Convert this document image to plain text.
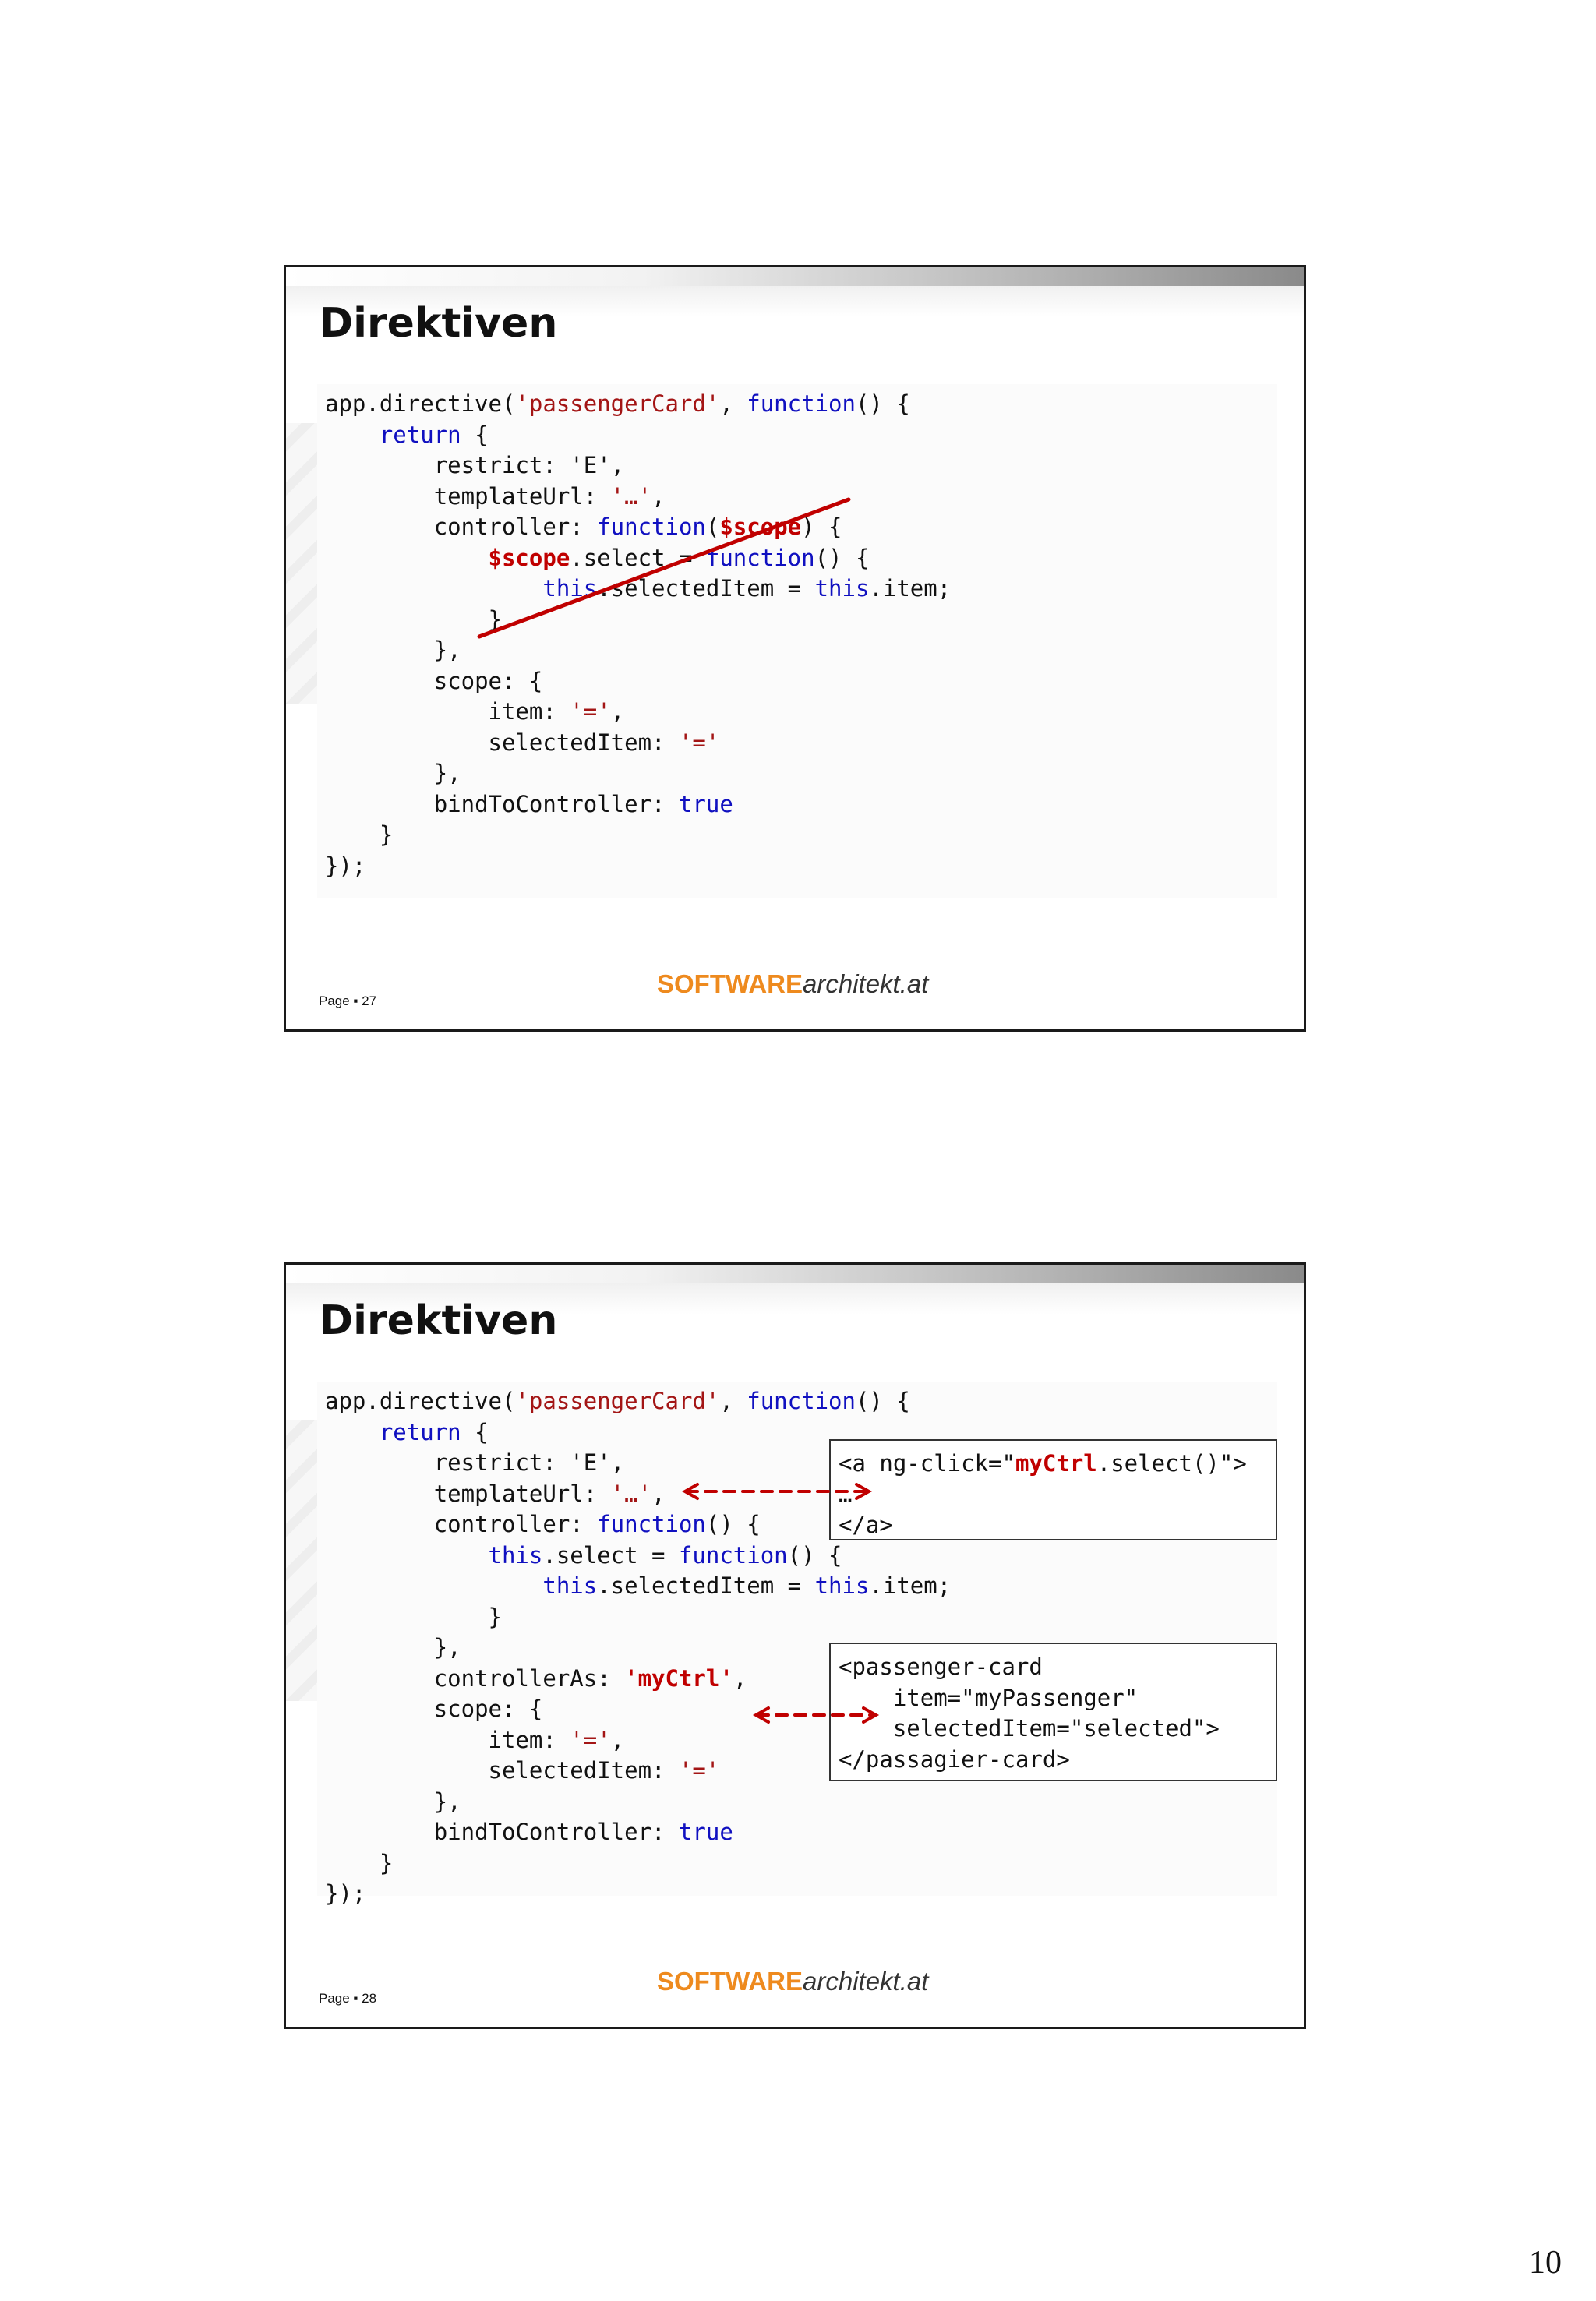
Direktiven
app.directive('passengerCard', function() {
return {
restrict: 'E',
templateUrl: '…',
controller: function($scope) {
$scope.select = function() {
this.selectedItem = this.item;
}
},
scope: {
item: '=',
selectedItem: '='
},
bindToController: true
}
});
SOFTWAREarchitekt.at
Page ▪ 27
Direktiven
app.directive('passengerCard', function() {
return {
restrict: 'E',
templateUrl: '…',
controller: function() {
this.select = function() {
this.selectedItem = this.item;
}
},
controllerAs: 'myCtrl',
scope: {
item: '=',
selectedItem: '='
},
bindToController: true
}
});
<a ng-click="myCtrl.select()">
…
</a>
<passenger-card
item="myPassenger"
selectedItem="selected">
</passagier-card>
SOFTWAREarchitekt.at
Page ▪ 28
10
